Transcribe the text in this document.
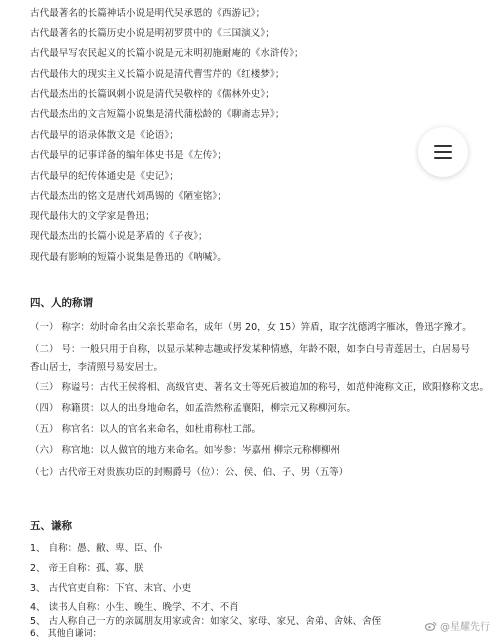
古代最著名的长篇神话小说是明代吴承恩的《西游记》；
古代最著名的长篇历史小说是明初罗贯中的《三国演义》；
古代最早写农民起义的长篇小说是元末明初施耐庵的《水浒传》；
古代最伟大的现实主义长篇小说是清代曹雪芹的《红楼梦》；
古代最杰出的长篇讽刺小说是清代吴敬梓的《儒林外史》；
古代最杰出的文言短篇小说集是清代蒲松龄的《聊斋志异》；
古代最早的语录体散文是《论语》；
古代最早的记事详备的编年体史书是《左传》；
古代最早的纪传体通史是《史记》；
古代最杰出的铭文是唐代刘禹锡的《陋室铭》；
现代最伟大的文学家是鲁迅；
现代最杰出的长篇小说是茅盾的《子夜》；
现代最有影响的短篇小说集是鲁迅的《呐喊》。
四、人的称谓
（一） 称字：幼时命名由父亲长辈命名，成年（男 20，女 15）笄盾，取字沈德鸿字雁冰，鲁迅字豫才。
（二） 号：一般只用于自称，以显示某种志趣或抒发某种情感，年龄不限，如李白号青莲居士，白居易号
香山居士，李清照号易安居士。
（三） 称谥号：古代王侯将相、高级官吏、著名文士等死后被追加的称号，如范仲淹称文正，欧阳修称文忠。
（四） 称籍贯：以人的出身地命名，如孟浩然称孟襄阳，柳宗元又称柳河东。
（五） 称官名：以人的官名来命名，如杜甫称杜工部。
（六） 称官地：以人做官的地方来命名。如岑参：岑嘉州 柳宗元称柳柳州
（七）古代帝王对贵族功臣的封赐爵号（位）：公、侯、伯、子、男（五等）
五、谦称
1、 自称：愚、敝、卑、臣、仆
2、 帝王自称：孤、寡、朕
3、 古代官吏自称：下官、末官、小吏
4、 读书人自称：小生、晚生、晚学、不才、不肖
5、 古人称自己一方的亲属朋友用家或舍：如家父、家母、家兄、舍弟、舍妹、舍侄
6、 其他自谦词：
@星耀先行
